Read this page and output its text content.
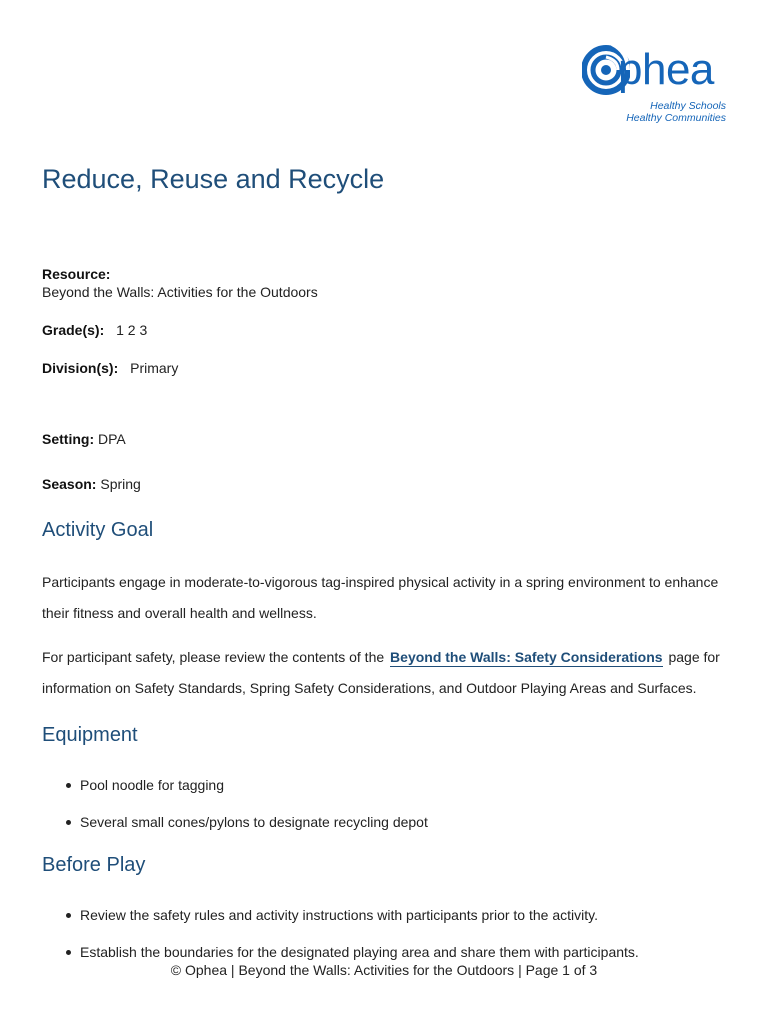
phea
Healthy Schools
Healthy Communities
Reduce, Reuse and Recycle
Resource:
Beyond the Walls: Activities for the Outdoors
Grade(s): 1 2 3
Division(s): Primary
Setting: DPA
Season: Spring
Activity Goal

Participants engage in moderate-to-vigorous tag-inspired physical activity in a spring environment to enhance their fitness and overall health and wellness.

For participant safety, please review the contents of the Beyond the Walls: Safety Considerations page for information on Safety Standards, Spring Safety Considerations, and Outdoor Playing Areas and Surfaces.

Equipment
Pool noodle for tagging
Several small cones/pylons to designate recycling depot
Before Play
Review the safety rules and activity instructions with participants prior to the activity.
Establish the boundaries for the designated playing area and share them with participants.
© Ophea | Beyond the Walls: Activities for the Outdoors | Page 1 of 3
